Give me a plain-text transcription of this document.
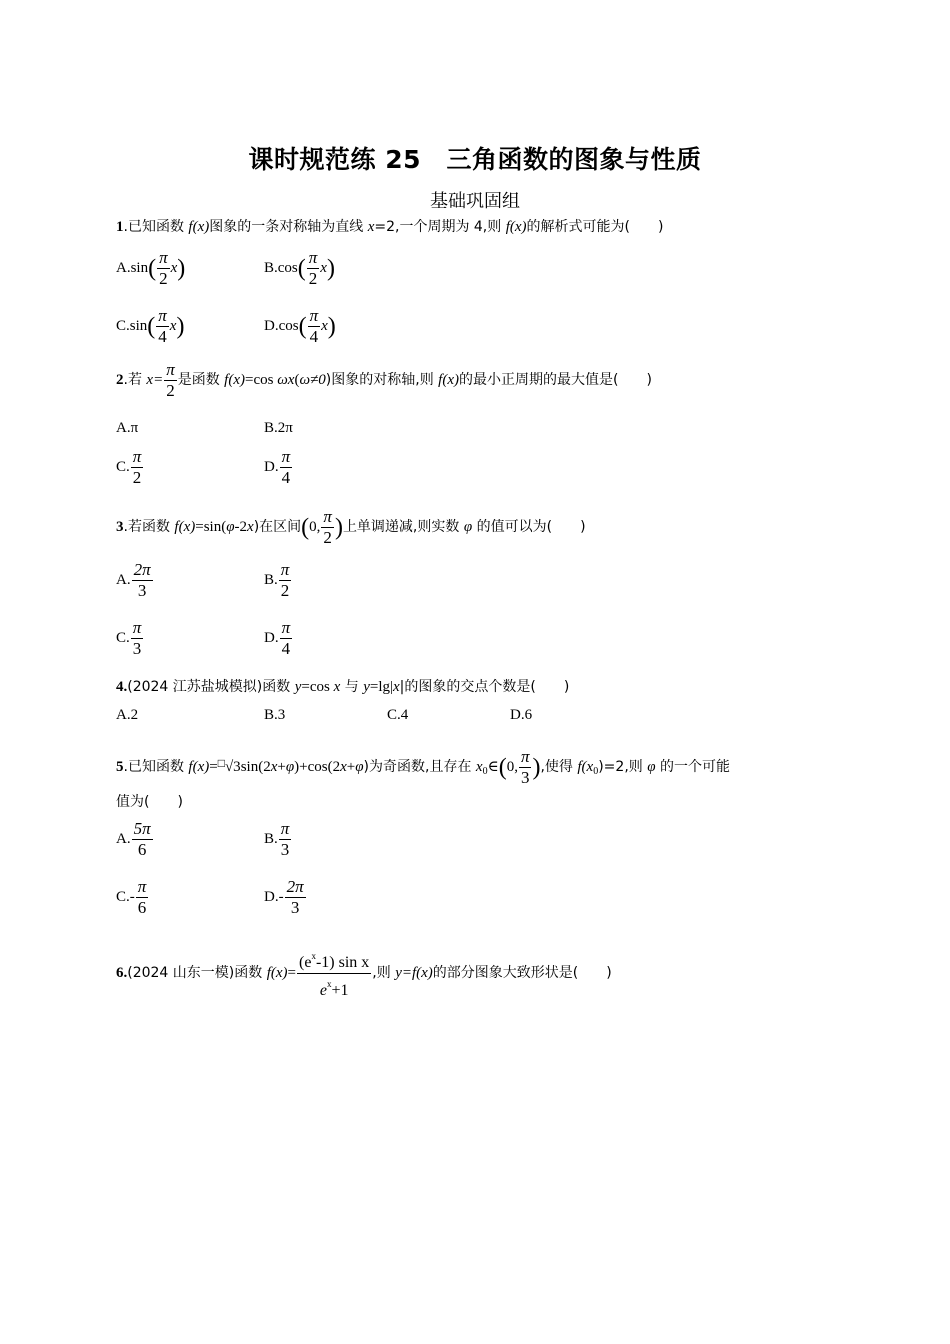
课时规范练 25　三角函数的图象与性质
基础巩固组
1.已知函数 f(x)图象的一条对称轴为直线 x=2,一个周期为 4,则 f(x)的解析式可能为(　　)
$A.\sin( \frac{\pi}{2} x)$	$B.\cos( \frac{\pi}{2} x)$
$C.\sin( \frac{\pi}{4} x)$	$D.\cos( \frac{\pi}{4} x)$
2.若 $x= \frac{\pi}{2}$ 是函数 f(x)=cos ωx(ω≠0)图象的对称轴,则 f(x)的最小正周期的最大值是(　　)
A.π	B.2π
C. $\frac{\pi}{2}$	D. $\frac{\pi}{4}$
3.若函数 f(x)=sin(φ-2x)在区间(0, $\frac{\pi}{2}$ )上单调递减,则实数 φ 的值可以为(　　)
A. $\frac{2\pi}{3}$	B. $\frac{\pi}{2}$
C. $\frac{\pi}{3}$	D. $\frac{\pi}{4}$
4.(2024 江苏盐城模拟)函数 y=cos x 与 y=lg|x|的图象的交点个数是(　　)
A.2	B.3	C.4	D.6
5.已知函数 f(x)=□√3sin(2x+φ)+cos(2x+φ)为奇函数,且存在 $x_0\in(0$, $\frac{\pi}{3}$ ),使得 $f(x_0)=2$,则 φ 的一个可能
值为(　　)
A. $\frac{5\pi}{6}$	B. $\frac{\pi}{3}$
$C.- \frac{\pi}{6}$	$D.- \frac{2\pi}{3}$
6.(2024 山东一模)函数 $f(x)= \frac{(e^x-1) \sin x}{e^x+1}$ ,则 y=f(x)的部分图象大致形状是(　　)
